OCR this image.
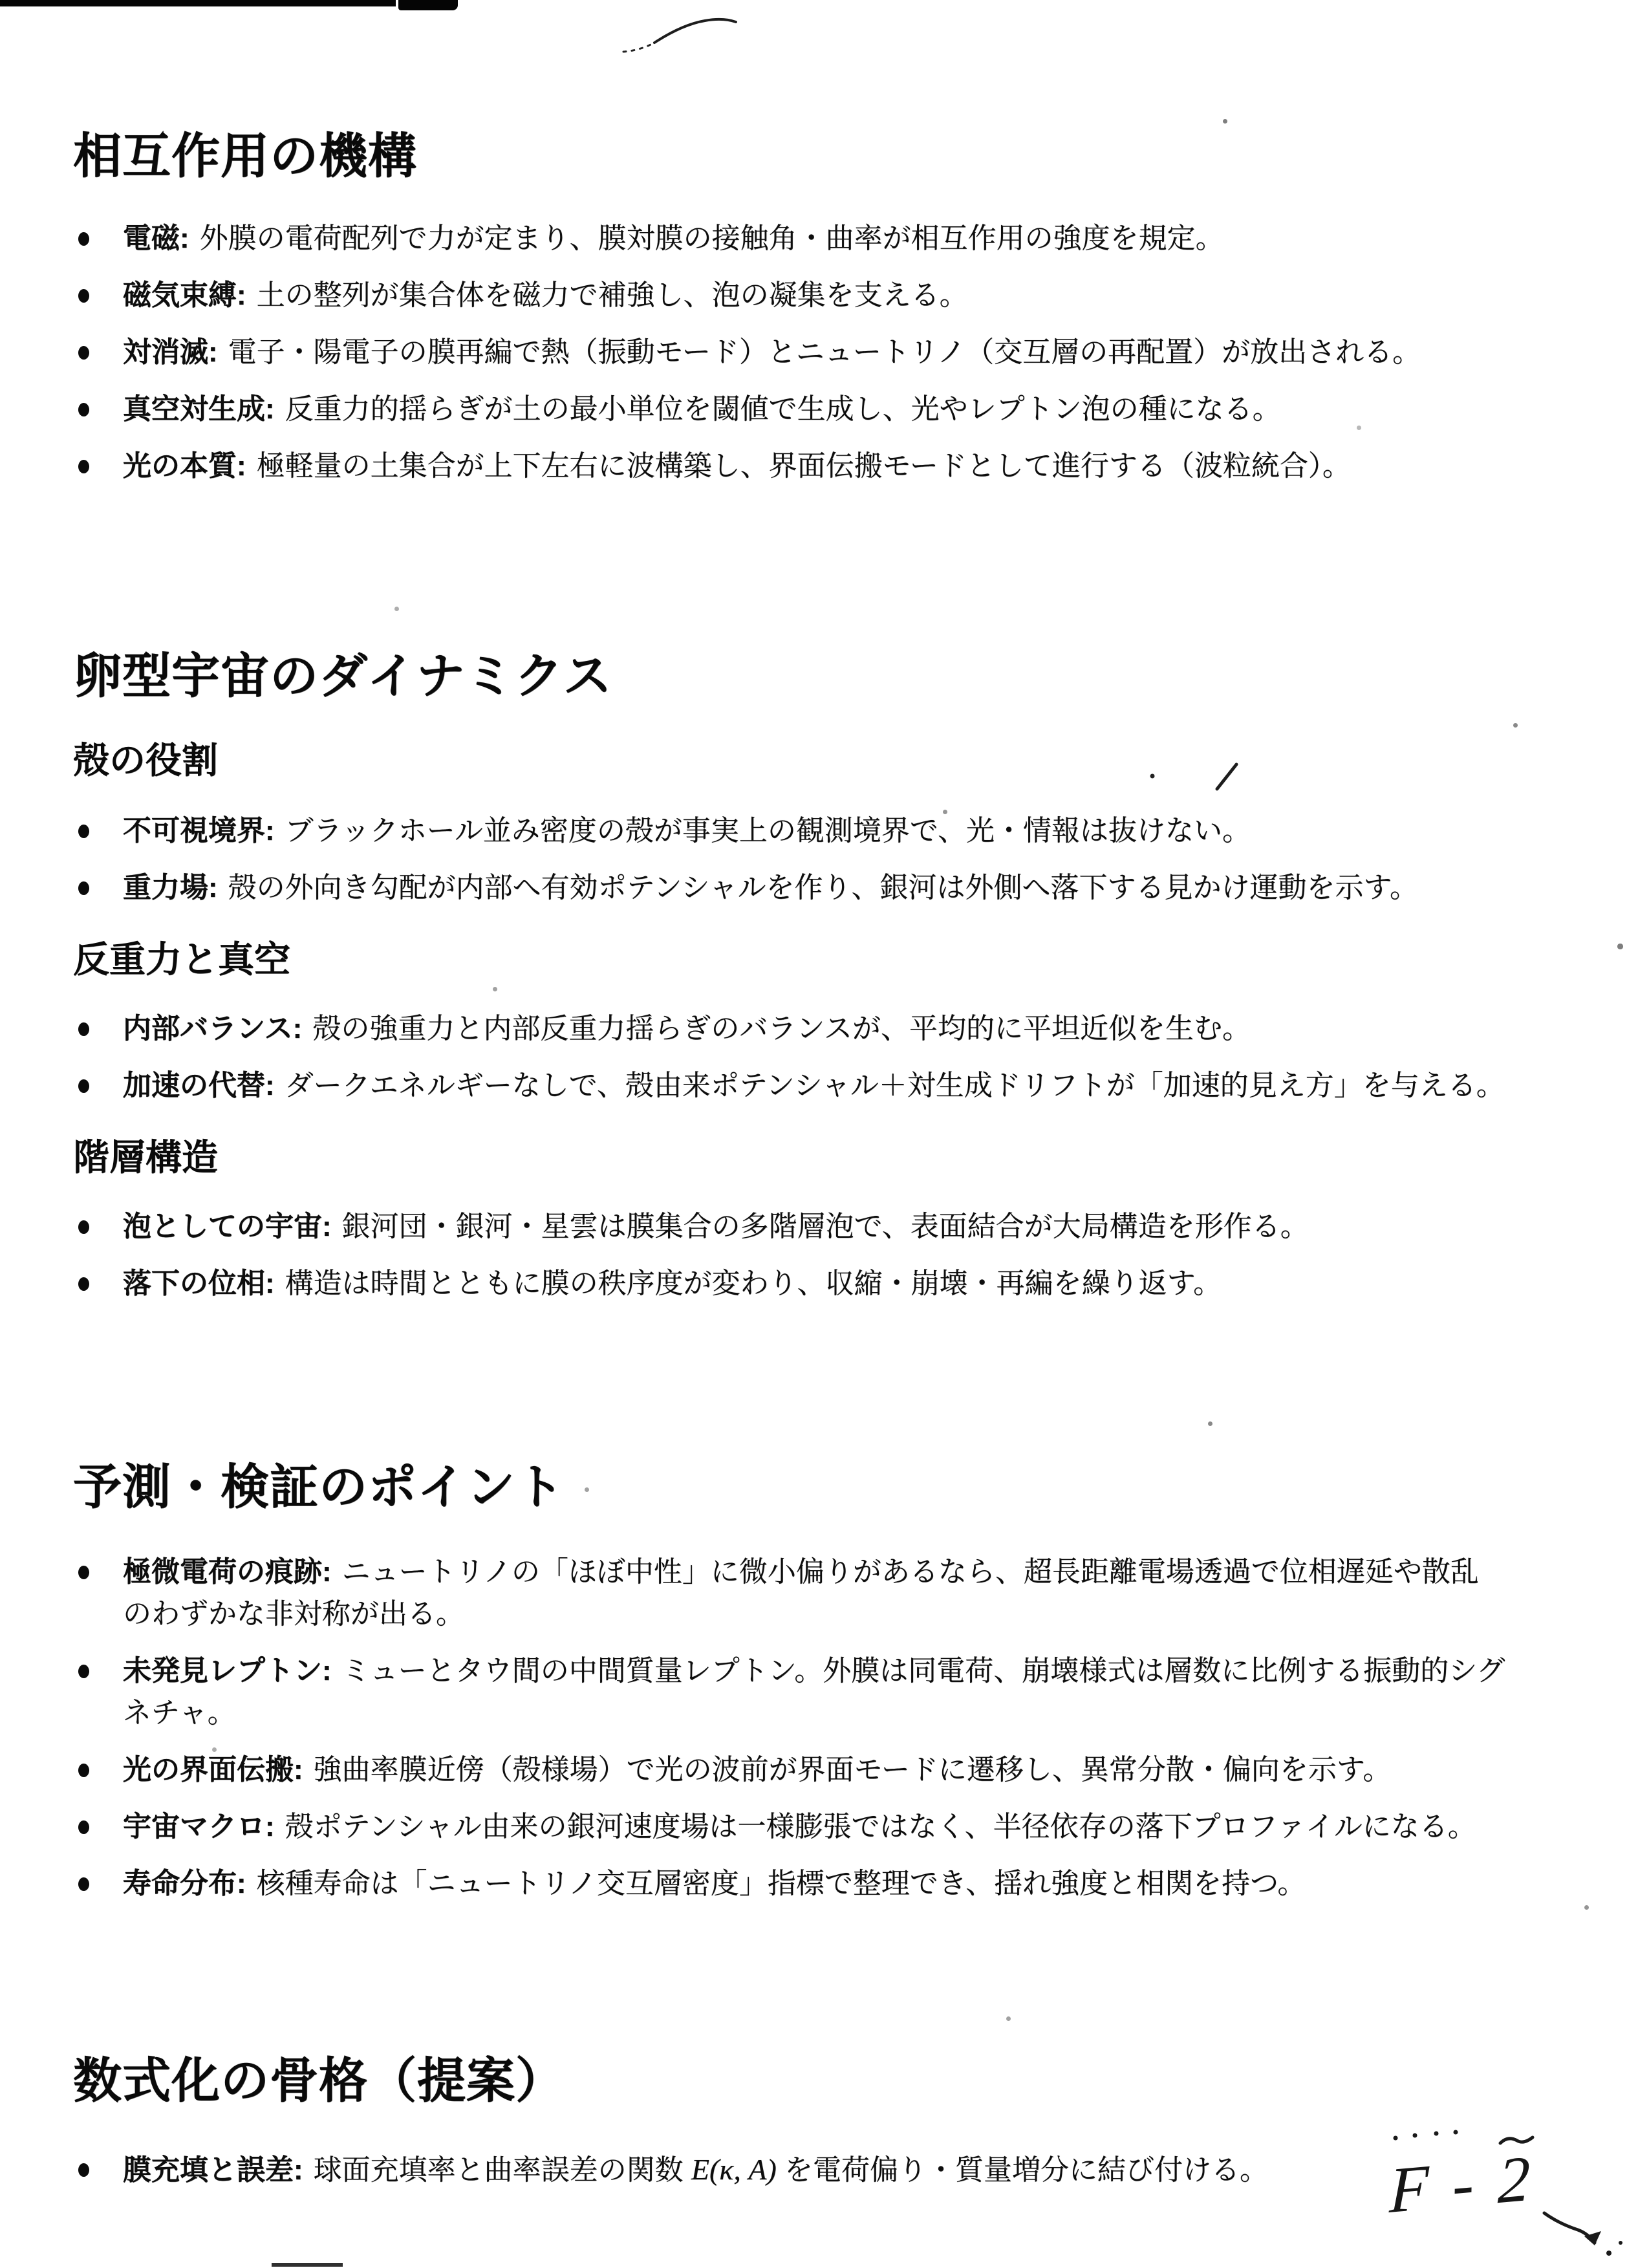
相互作用の機構

電磁: 外膜の電荷配列で力が定まり、膜対膜の接触角・曲率が相互作用の強度を規定。

磁気束縛: 土の整列が集合体を磁力で補強し、泡の凝集を支える。

対消滅: 電子・陽電子の膜再編で熱（振動モード）とニュートリノ（交互層の再配置）が放出される。

真空対生成: 反重力的揺らぎが土の最小単位を閾値で生成し、光やレプトン泡の種になる。

光の本質: 極軽量の土集合が上下左右に波構築し、界面伝搬モードとして進行する（波粒統合）。

卵型宇宙のダイナミクス
殻の役割

不可視境界: ブラックホール並み密度の殻が事実上の観測境界で、光・情報は抜けない。

重力場: 殻の外向き勾配が内部へ有効ポテンシャルを作り、銀河は外側へ落下する見かけ運動を示す。

反重力と真空

内部バランス: 殻の強重力と内部反重力揺らぎのバランスが、平均的に平坦近似を生む。

加速の代替: ダークエネルギーなしで、殻由来ポテンシャル＋対生成ドリフトが「加速的見え方」を与える。

階層構造

泡としての宇宙: 銀河団・銀河・星雲は膜集合の多階層泡で、表面結合が大局構造を形作る。

落下の位相: 構造は時間とともに膜の秩序度が変わり、収縮・崩壊・再編を繰り返す。

予測・検証のポイント

極微電荷の痕跡: ニュートリノの「ほぼ中性」に微小偏りがあるなら、超長距離電場透過で位相遅延や散乱のわずかな非対称が出る。

未発見レプトン: ミューとタウ間の中間質量レプトン。外膜は同電荷、崩壊様式は層数に比例する振動的シグネチャ。

光の界面伝搬: 強曲率膜近傍（殻様場）で光の波前が界面モードに遷移し、異常分散・偏向を示す。

宇宙マクロ: 殻ポテンシャル由来の銀河速度場は一様膨張ではなく、半径依存の落下プロファイルになる。

寿命分布: 核種寿命は「ニュートリノ交互層密度」指標で整理でき、揺れ強度と相関を持つ。

数式化の骨格（提案）

膜充填と誤差: 球面充填率と曲率誤差の関数 E(κ, A) を電荷偏り・質量増分に結び付ける。	F - 2
